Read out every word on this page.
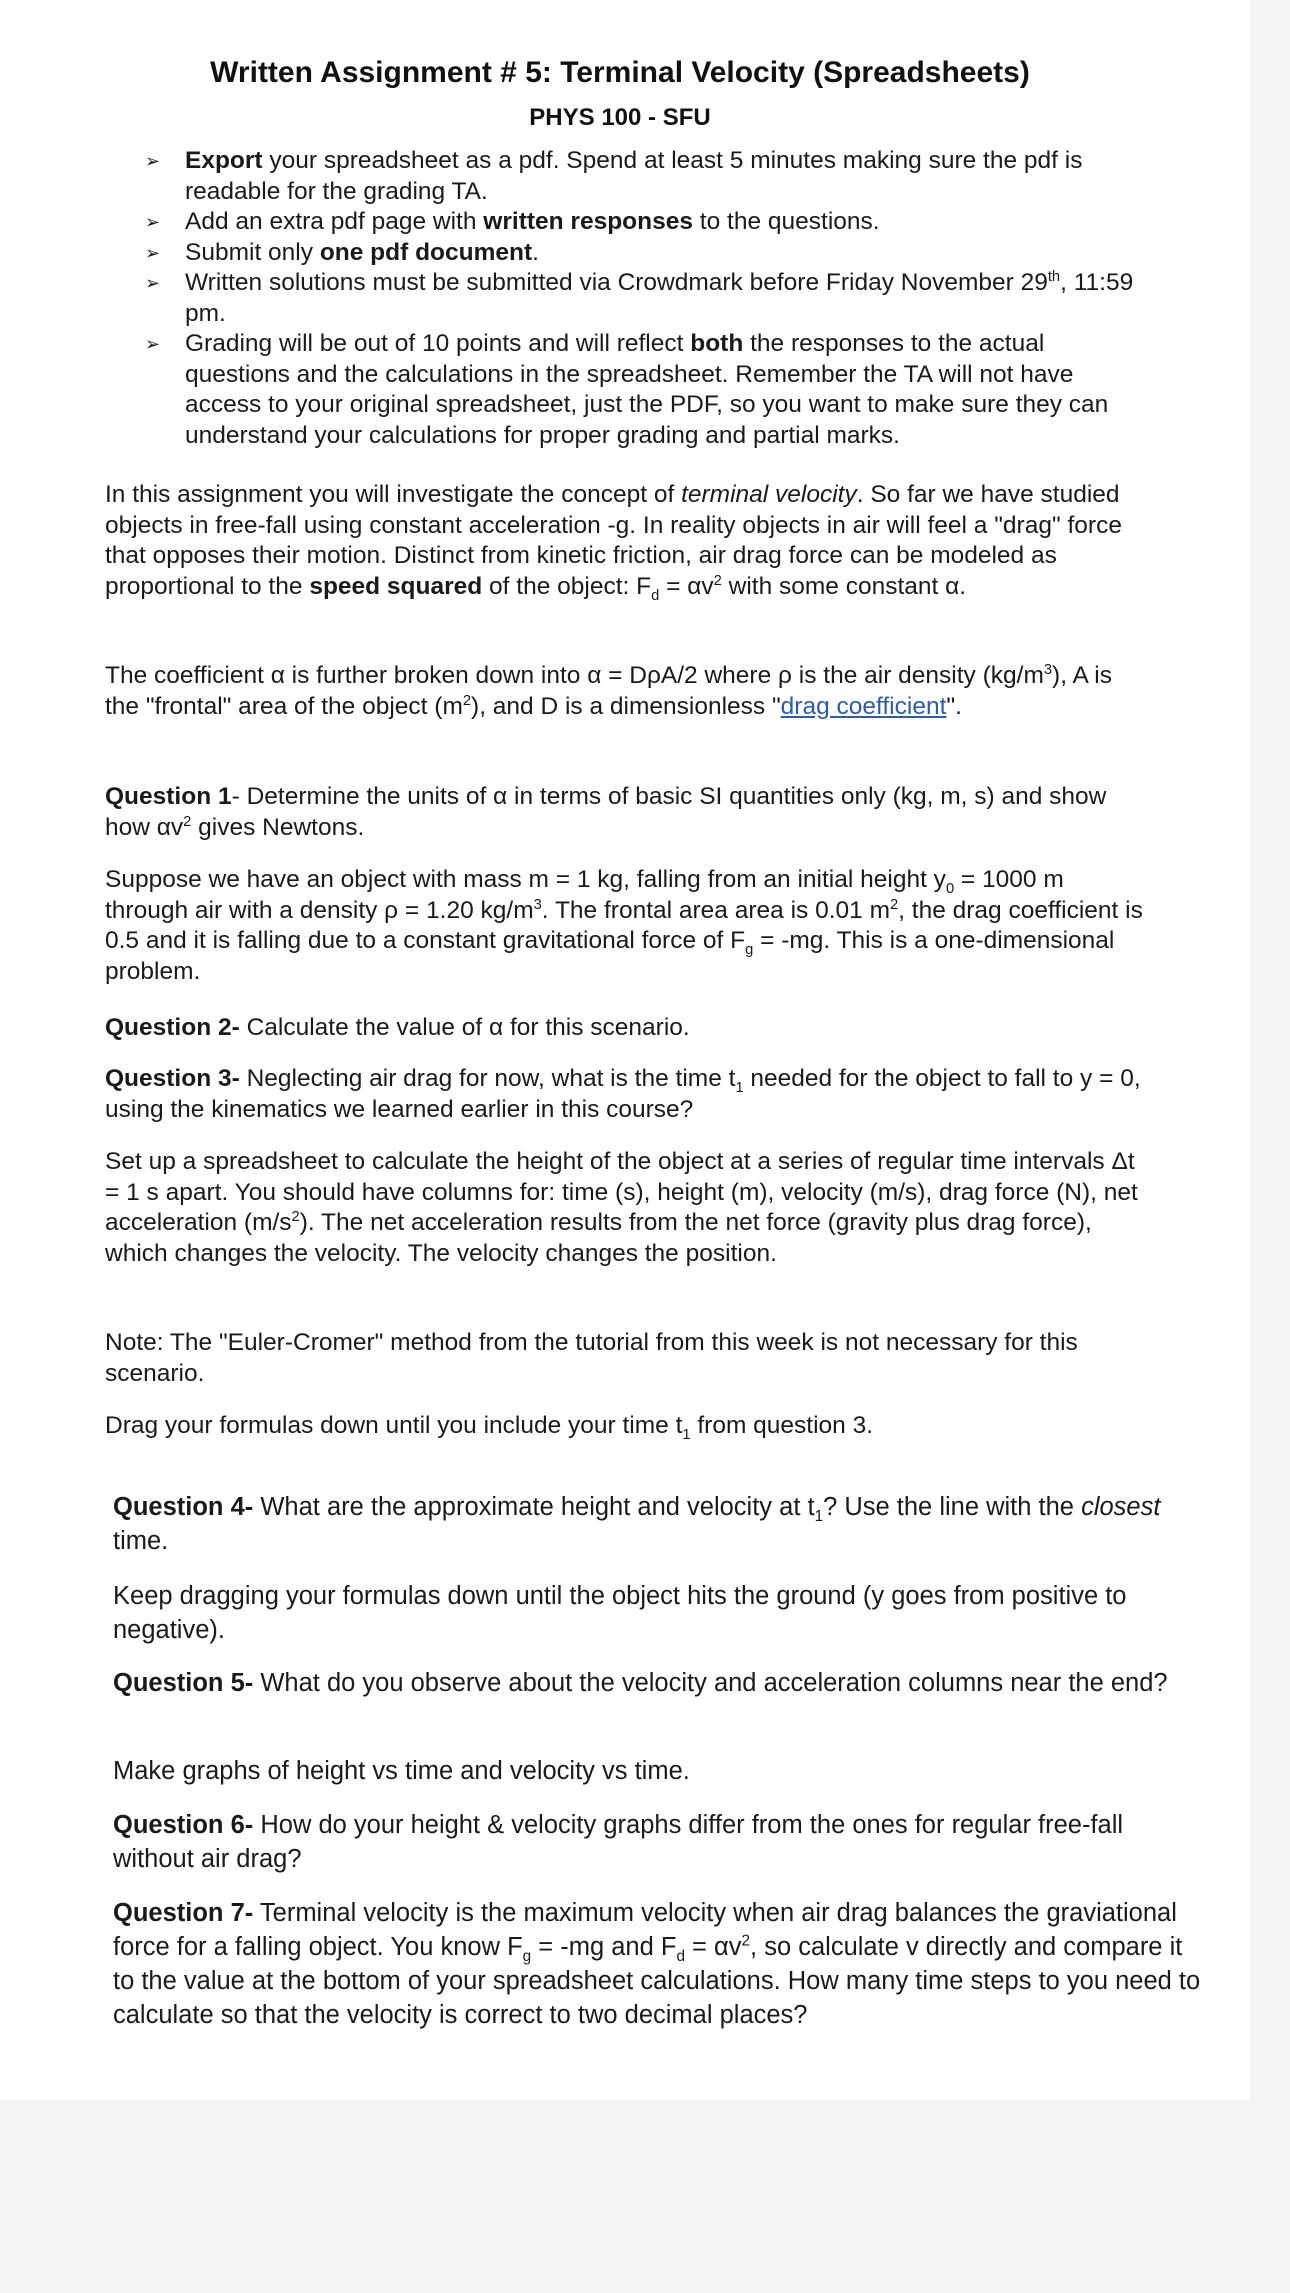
Written Assignment # 5: Terminal Velocity (Spreadsheets)
PHYS 100 - SFU
➢ Export your spreadsheet as a pdf. Spend at least 5 minutes making sure the pdf is readable for the grading TA.
➢ Add an extra pdf page with written responses to the questions.
➢ Submit only one pdf document.
➢ Written solutions must be submitted via Crowdmark before Friday November 29th, 11:59 pm.
➢ Grading will be out of 10 points and will reflect both the responses to the actual questions and the calculations in the spreadsheet. Remember the TA will not have access to your original spreadsheet, just the PDF, so you want to make sure they can understand your calculations for proper grading and partial marks.

In this assignment you will investigate the concept of terminal velocity. So far we have studied objects in free-fall using constant acceleration -g. In reality objects in air will feel a "drag" force that opposes their motion. Distinct from kinetic friction, air drag force can be modeled as proportional to the speed squared of the object: $F_d = \alpha v^2$ with some constant α.

The coefficient α is further broken down into α = DρA/2 where ρ is the air density $(kg/m^3)$, A is the "frontal" area of the object $(m^2)$, and D is a dimensionless "drag coefficient".

Question 1- Determine the units of α in terms of basic SI quantities only (kg, m, s) and show how $\alpha v^2$ gives Newtons.

Suppose we have an object with mass m = 1 kg, falling from an initial height $y_0 = 1000$ m through air with a density ρ = 1.20 $kg/m^3$. The frontal area area is 0.01 $m^2$, the drag coefficient is 0.5 and it is falling due to a constant gravitational force of $F_g = -mg$. This is a one-dimensional problem.

Question 2- Calculate the value of α for this scenario.

Question 3- Neglecting air drag for now, what is the time $t_1$ needed for the object to fall to y = 0, using the kinematics we learned earlier in this course?

Set up a spreadsheet to calculate the height of the object at a series of regular time intervals Δt = 1 s apart. You should have columns for: time (s), height (m), velocity (m/s), drag force (N), net acceleration $(m/s^2)$. The net acceleration results from the net force (gravity plus drag force), which changes the velocity. The velocity changes the position.

Note: The "Euler-Cromer" method from the tutorial from this week is not necessary for this scenario.

Drag your formulas down until you include your time $t_1$ from question 3.

Question 4- What are the approximate height and velocity at $t_1$? Use the line with the closest time.

Keep dragging your formulas down until the object hits the ground (y goes from positive to negative).

Question 5- What do you observe about the velocity and acceleration columns near the end?

Make graphs of height vs time and velocity vs time.

Question 6- How do your height & velocity graphs differ from the ones for regular free-fall without air drag?

Question 7- Terminal velocity is the maximum velocity when air drag balances the graviational force for a falling object. You know $F_g = -mg$ and $F_d = \alpha v^2$, so calculate v directly and compare it to the value at the bottom of your spreadsheet calculations. How many time steps to you need to calculate so that the velocity is correct to two decimal places?
